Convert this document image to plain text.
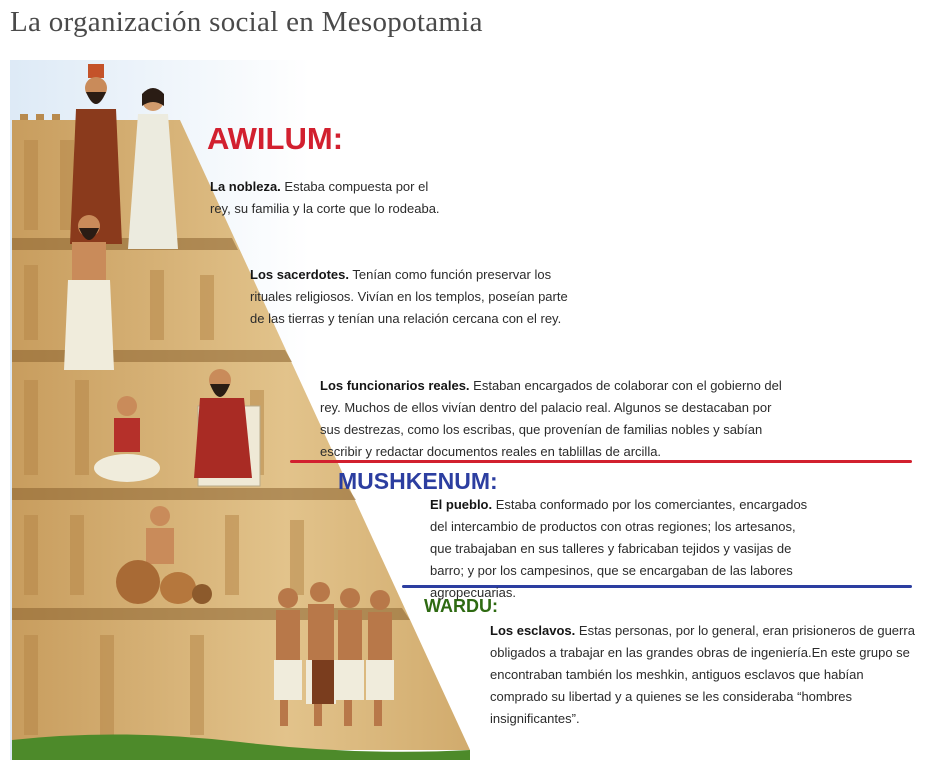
La organización social en Mesopotamia
AWILUM:
MUSHKENUM:
WARDU:
La nobleza. Estaba compuesta por el rey, su familia y la corte que lo rodeaba.
Los sacerdotes. Tenían como función preservar los rituales religiosos. Vivían en los templos, poseían parte de las tierras y tenían una relación cercana con el rey.
Los funcionarios reales. Estaban encargados de colaborar con el gobierno del rey. Muchos de ellos vivían dentro del palacio real. Algunos se destacaban por sus destrezas, como los escribas, que provenían de familias nobles y sabían escribir y redactar documentos reales en tablillas de arcilla.
El pueblo. Estaba conformado por los comerciantes, encargados del intercambio de productos con otras regiones; los artesanos, que trabajaban en sus talleres y fabricaban tejidos y vasijas de barro; y por los campesinos, que se encargaban de las labores agropecuarias.
Los esclavos. Estas personas, por lo general, eran prisioneros de guerra obligados a trabajar en las grandes obras de ingeniería.En este grupo se encontraban también los meshkin, antiguos esclavos que habían comprado su libertad y a quienes se les consideraba “hombres insignificantes”.
